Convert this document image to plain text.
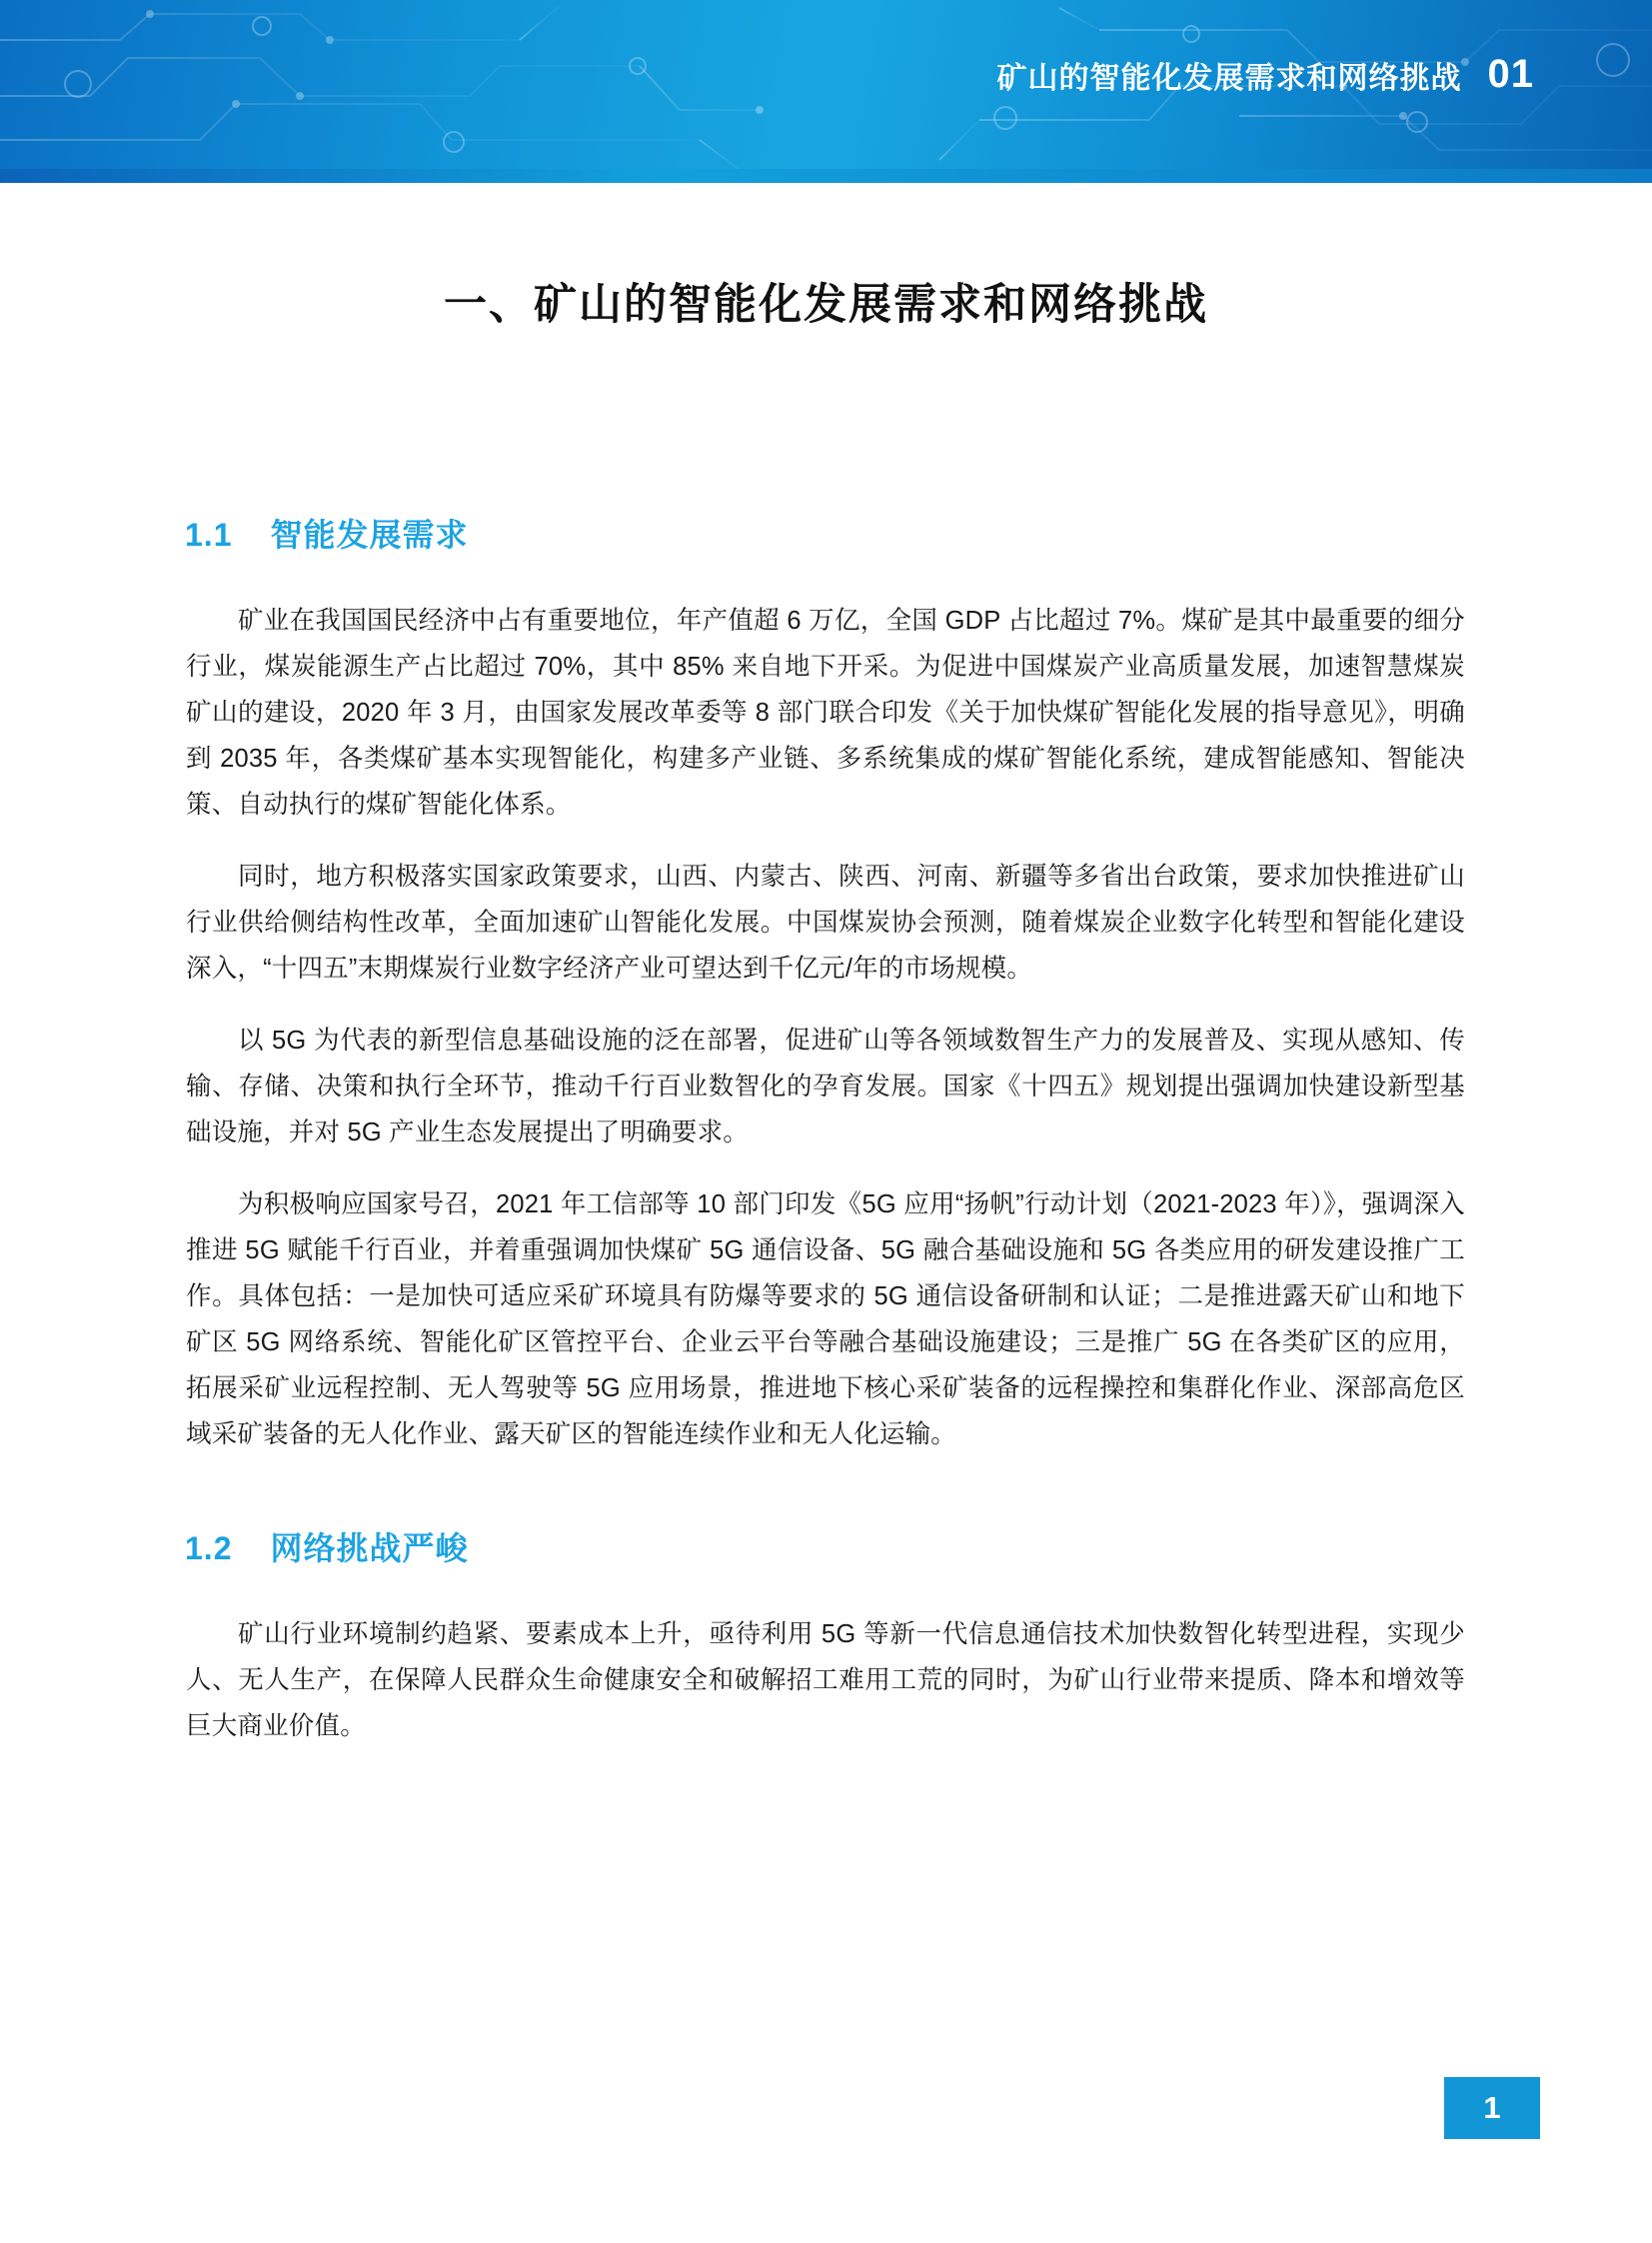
矿山的智能化发展需求和网络挑战 01
一、矿山的智能化发展需求和网络挑战
1.1 智能发展需求

矿业在我国国民经济中占有重要地位，年产值超 6 万亿，全国 GDP 占比超过 7%。煤矿是其中最重要的细分行业，煤炭能源生产占比超过 70%，其中 85% 来自地下开采。为促进中国煤炭产业高质量发展，加速智慧煤炭矿山的建设，2020 年 3 月，由国家发展改革委等 8 部门联合印发《关于加快煤矿智能化发展的指导意见》，明确到 2035 年，各类煤矿基本实现智能化，构建多产业链、多系统集成的煤矿智能化系统，建成智能感知、智能决策、自动执行的煤矿智能化体系。

同时，地方积极落实国家政策要求，山西、内蒙古、陕西、河南、新疆等多省出台政策，要求加快推进矿山行业供给侧结构性改革，全面加速矿山智能化发展。中国煤炭协会预测，随着煤炭企业数字化转型和智能化建设深入，“十四五”末期煤炭行业数字经济产业可望达到千亿元/年的市场规模。

以 5G 为代表的新型信息基础设施的泛在部署，促进矿山等各领域数智生产力的发展普及、实现从感知、传输、存储、决策和执行全环节，推动千行百业数智化的孕育发展。国家《十四五》规划提出强调加快建设新型基础设施，并对 5G 产业生态发展提出了明确要求。

为积极响应国家号召，2021 年工信部等 10 部门印发《5G 应用“扬帆”行动计划（2021-2023 年）》，强调深入推进 5G 赋能千行百业，并着重强调加快煤矿 5G 通信设备、5G 融合基础设施和 5G 各类应用的研发建设推广工作。具体包括：一是加快可适应采矿环境具有防爆等要求的 5G 通信设备研制和认证；二是推进露天矿山和地下矿区 5G 网络系统、智能化矿区管控平台、企业云平台等融合基础设施建设；三是推广 5G 在各类矿区的应用，拓展采矿业远程控制、无人驾驶等 5G 应用场景，推进地下核心采矿装备的远程操控和集群化作业、深部高危区域采矿装备的无人化作业、露天矿区的智能连续作业和无人化运输。

1.2 网络挑战严峻

矿山行业环境制约趋紧、要素成本上升，亟待利用 5G 等新一代信息通信技术加快数智化转型进程，实现少人、无人生产，在保障人民群众生命健康安全和破解招工难用工荒的同时，为矿山行业带来提质、降本和增效等巨大商业价值。

1
